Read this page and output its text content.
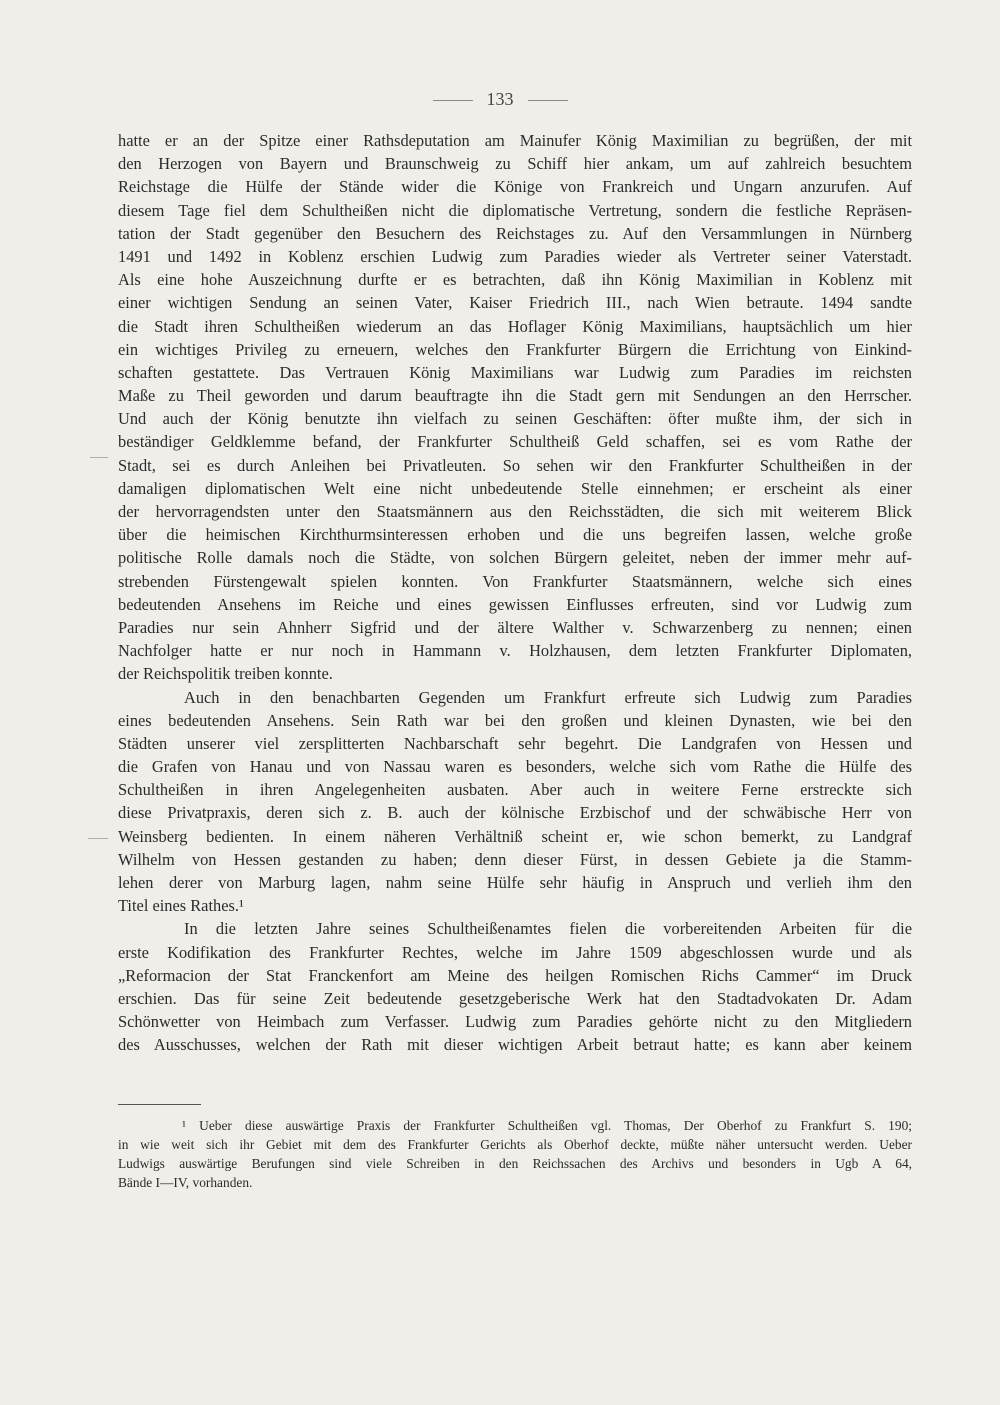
133
hatte er an der Spitze einer Rathsdeputation am Mainufer König Maximilian zu begrüßen, der mit
den Herzogen von Bayern und Braunschweig zu Schiff hier ankam, um auf zahlreich besuchtem
Reichstage die Hülfe der Stände wider die Könige von Frankreich und Ungarn anzurufen. Auf
diesem Tage fiel dem Schultheißen nicht die diplomatische Vertretung, sondern die festliche Repräsen-
tation der Stadt gegenüber den Besuchern des Reichstages zu. Auf den Versammlungen in Nürnberg
1491 und 1492 in Koblenz erschien Ludwig zum Paradies wieder als Vertreter seiner Vaterstadt.
Als eine hohe Auszeichnung durfte er es betrachten, daß ihn König Maximilian in Koblenz mit
einer wichtigen Sendung an seinen Vater, Kaiser Friedrich III., nach Wien betraute. 1494 sandte
die Stadt ihren Schultheißen wiederum an das Hoflager König Maximilians, hauptsächlich um hier
ein wichtiges Privileg zu erneuern, welches den Frankfurter Bürgern die Errichtung von Einkind-
schaften gestattete. Das Vertrauen König Maximilians war Ludwig zum Paradies im reichsten
Maße zu Theil geworden und darum beauftragte ihn die Stadt gern mit Sendungen an den Herrscher.
Und auch der König benutzte ihn vielfach zu seinen Geschäften: öfter mußte ihm, der sich in
beständiger Geldklemme befand, der Frankfurter Schultheiß Geld schaffen, sei es vom Rathe der
Stadt, sei es durch Anleihen bei Privatleuten. So sehen wir den Frankfurter Schultheißen in der
damaligen diplomatischen Welt eine nicht unbedeutende Stelle einnehmen; er erscheint als einer
der hervorragendsten unter den Staatsmännern aus den Reichsstädten, die sich mit weiterem Blick
über die heimischen Kirchthurmsinteressen erhoben und die uns begreifen lassen, welche große
politische Rolle damals noch die Städte, von solchen Bürgern geleitet, neben der immer mehr auf-
strebenden Fürstengewalt spielen konnten. Von Frankfurter Staatsmännern, welche sich eines
bedeutenden Ansehens im Reiche und eines gewissen Einflusses erfreuten, sind vor Ludwig zum
Paradies nur sein Ahnherr Sigfrid und der ältere Walther v. Schwarzenberg zu nennen; einen
Nachfolger hatte er nur noch in Hammann v. Holzhausen, dem letzten Frankfurter Diplomaten,
der Reichspolitik treiben konnte.
Auch in den benachbarten Gegenden um Frankfurt erfreute sich Ludwig zum Paradies
eines bedeutenden Ansehens. Sein Rath war bei den großen und kleinen Dynasten, wie bei den
Städten unserer viel zersplitterten Nachbarschaft sehr begehrt. Die Landgrafen von Hessen und
die Grafen von Hanau und von Nassau waren es besonders, welche sich vom Rathe die Hülfe des
Schultheißen in ihren Angelegenheiten ausbaten. Aber auch in weitere Ferne erstreckte sich
diese Privatpraxis, deren sich z. B. auch der kölnische Erzbischof und der schwäbische Herr von
Weinsberg bedienten. In einem näheren Verhältniß scheint er, wie schon bemerkt, zu Landgraf
Wilhelm von Hessen gestanden zu haben; denn dieser Fürst, in dessen Gebiete ja die Stamm-
lehen derer von Marburg lagen, nahm seine Hülfe sehr häufig in Anspruch und verlieh ihm den
Titel eines Rathes.¹
In die letzten Jahre seines Schultheißenamtes fielen die vorbereitenden Arbeiten für die
erste Kodifikation des Frankfurter Rechtes, welche im Jahre 1509 abgeschlossen wurde und als
„Reformacion der Stat Franckenfort am Meine des heilgen Romischen Richs Cammer“ im Druck
erschien. Das für seine Zeit bedeutende gesetzgeberische Werk hat den Stadtadvokaten Dr. Adam
Schönwetter von Heimbach zum Verfasser. Ludwig zum Paradies gehörte nicht zu den Mitgliedern
des Ausschusses, welchen der Rath mit dieser wichtigen Arbeit betraut hatte; es kann aber keinem
¹ Ueber diese auswärtige Praxis der Frankfurter Schultheißen vgl. Thomas, Der Oberhof zu Frankfurt S. 190;
in wie weit sich ihr Gebiet mit dem des Frankfurter Gerichts als Oberhof deckte, müßte näher untersucht werden. Ueber
Ludwigs auswärtige Berufungen sind viele Schreiben in den Reichssachen des Archivs und besonders in Ugb A 64,
Bände I—IV, vorhanden.
